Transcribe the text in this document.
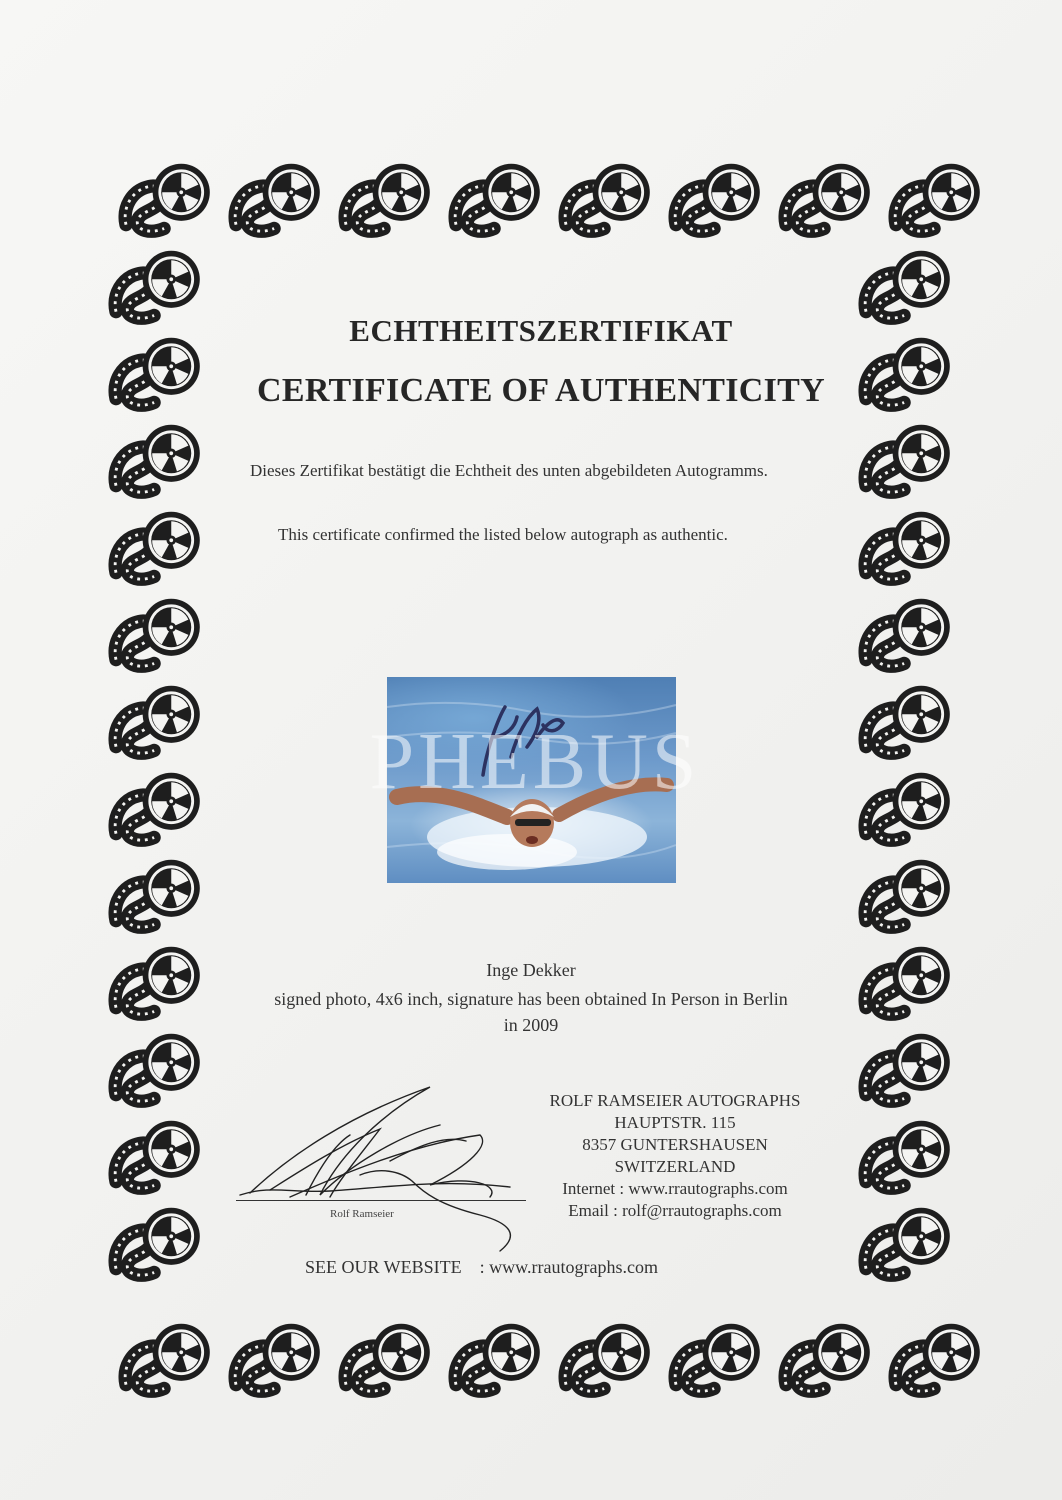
ECHTHEITSZERTIFIKAT
CERTIFICATE OF AUTHENTICITY
Dieses Zertifikat bestätigt die Echtheit des unten abgebildeten Autogramms.
This certificate confirmed the listed below autograph as authentic.
PHEBUS
Inge Dekker
signed photo, 4x6 inch, signature has been obtained In Person in Berlin
in 2009
Rolf Ramseier
ROLF RAMSEIER AUTOGRAPHS
HAUPTSTR. 115
8357 GUNTERSHAUSEN
SWITZERLAND
Internet : www.rrautographs.com
Email : rolf@rrautographs.com
SEE OUR WEBSITE : www.rrautographs.com
